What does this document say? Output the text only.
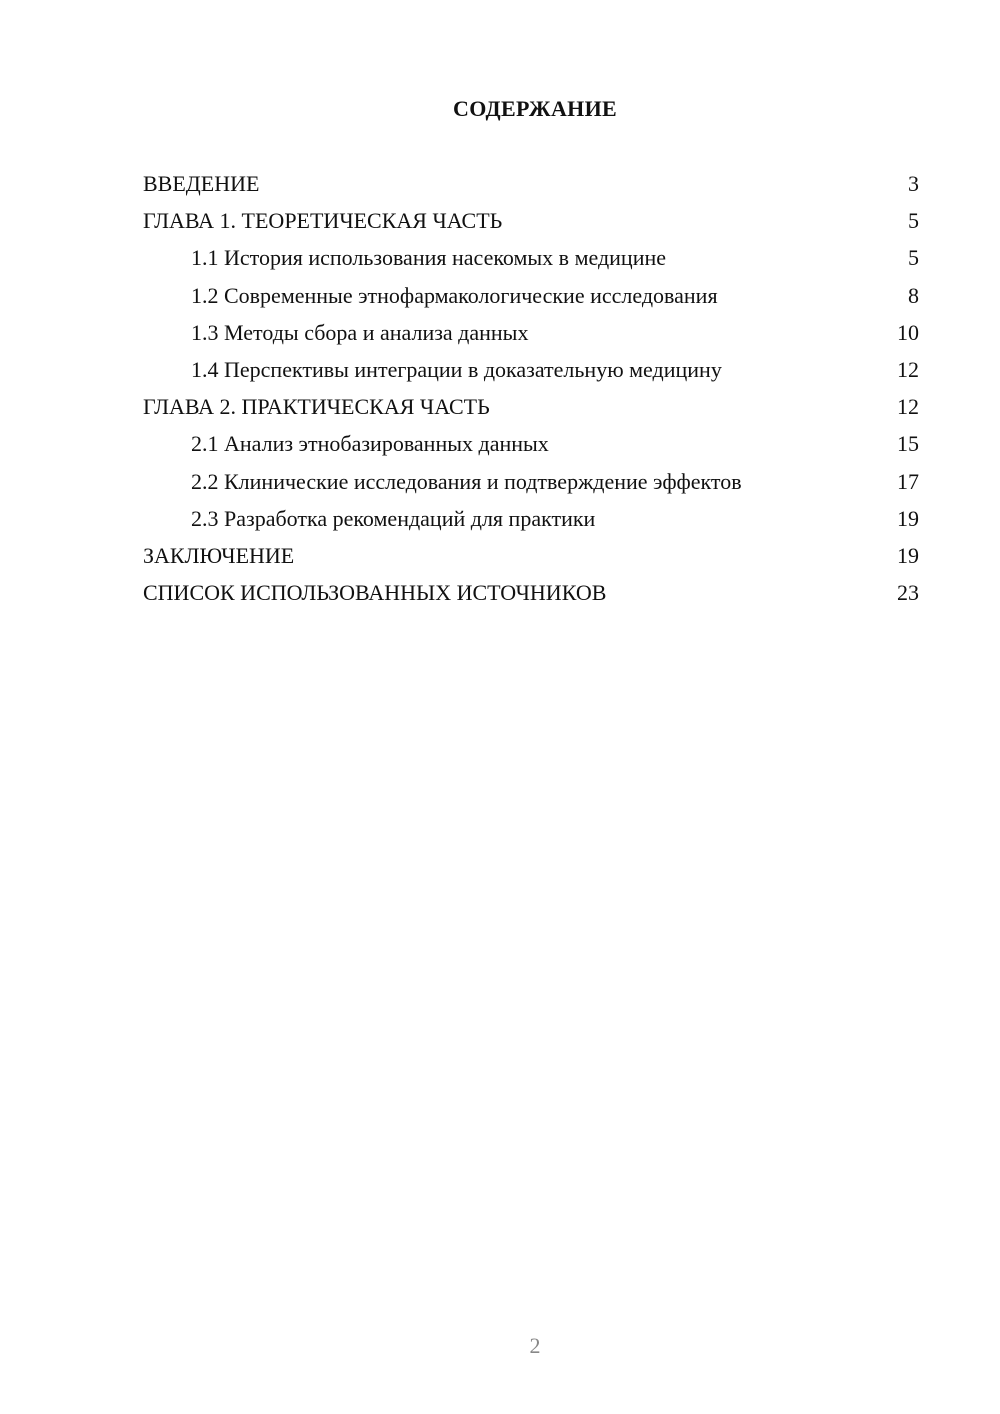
СОДЕРЖАНИЕ
ВВЕДЕНИЕ	3
ГЛАВА 1. ТЕОРЕТИЧЕСКАЯ ЧАСТЬ	5
1.1 История использования насекомых в медицине	5
1.2 Современные этнофармакологические исследования	8
1.3 Методы сбора и анализа данных	10
1.4 Перспективы интеграции в доказательную медицину	12
ГЛАВА 2. ПРАКТИЧЕСКАЯ ЧАСТЬ	12
2.1 Анализ этнобазированных данных	15
2.2 Клинические исследования и подтверждение эффектов	17
2.3 Разработка рекомендаций для практики	19
ЗАКЛЮЧЕНИЕ	19
СПИСОК ИСПОЛЬЗОВАННЫХ ИСТОЧНИКОВ	23
2
